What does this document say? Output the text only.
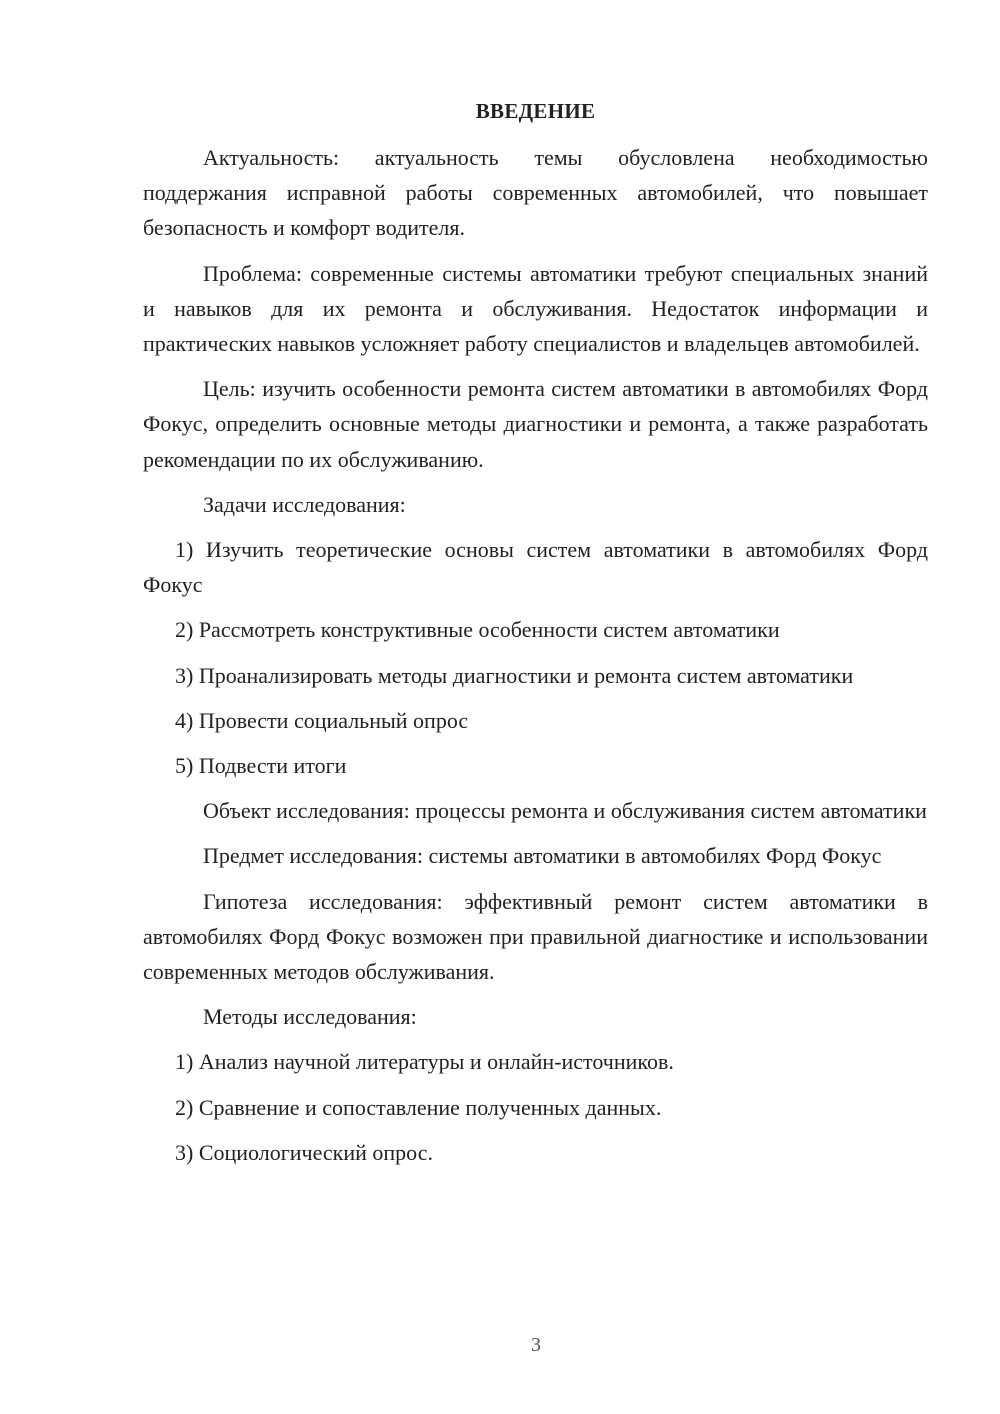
ВВЕДЕНИЕ

Актуальность: актуальность темы обусловлена необходимостью поддержания исправной работы современных автомобилей, что повышает безопасность и комфорт водителя.

Проблема: современные системы автоматики требуют специальных знаний и навыков для их ремонта и обслуживания. Недостаток информации и практических навыков усложняет работу специалистов и владельцев автомобилей.

Цель: изучить особенности ремонта систем автоматики в автомобилях Форд Фокус, определить основные методы диагностики и ремонта, а также разработать рекомендации по их обслуживанию.

Задачи исследования:

1) Изучить теоретические основы систем автоматики в автомобилях Форд Фокус

2) Рассмотреть конструктивные особенности систем автоматики

3) Проанализировать методы диагностики и ремонта систем автоматики

4) Провести социальный опрос

5) Подвести итоги

Объект исследования: процессы ремонта и обслуживания систем автоматики

Предмет исследования: системы автоматики в автомобилях Форд Фокус

Гипотеза исследования: эффективный ремонт систем автоматики в автомобилях Форд Фокус возможен при правильной диагностике и использовании современных методов обслуживания.

Методы исследования:

1) Анализ научной литературы и онлайн-источников.

2) Сравнение и сопоставление полученных данных.

3) Социологический опрос.

3
